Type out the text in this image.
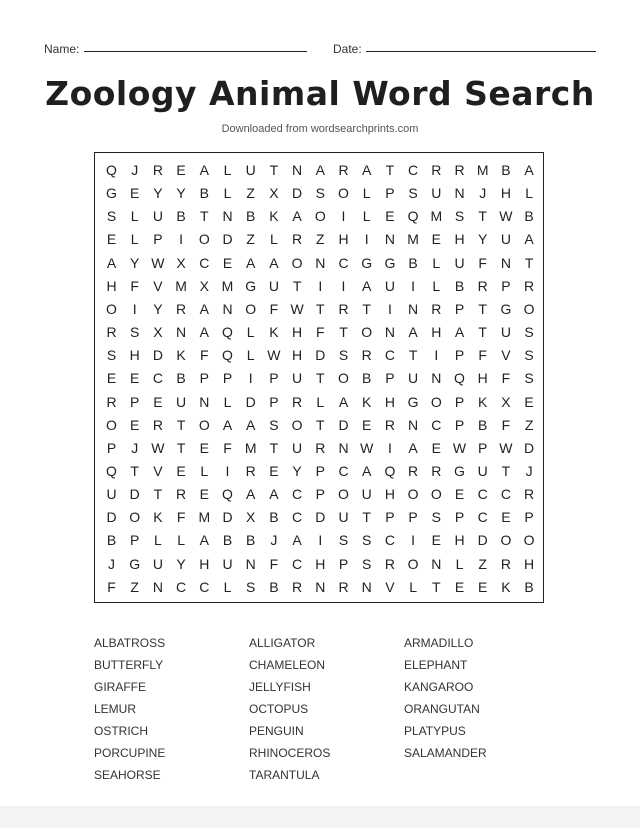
Name:	Date:
Zoology Animal Word Search
Downloaded from wordsearchprints.com
Q	J	R E A	L	U T N A R A	T C R R M B A
G E Y Y B	L	Z	X D S O L	P S U N	J	H	L
S	L	U B	T N B K A O	I	L	E Q M S	T W B
E	L	P	I	O D Z	L	R Z H	I	N M E H Y U A
A Y W X C E A A O N C G G B	L	U F N T
H F	V M X M G U T	I	I	A U	I	L	B R P R
O	I	Y R A N O F W T R T	I	N R P	T G O
R S X N A Q L	K H F	T O N A H A	T U S
S H D K	F Q L W H D S R C T	I	P	F	V S
E E C B P P	I	P U T O B P U N Q H F	S
R P E U N	L	D P R	L	A K H G O P K X E
O E R T O A A S O T D E R N C P B	F	Z
P	J W T	E	F M T U R N W	I	A E W P W D
Q T	V E	L	I	R E Y P C A Q R R G U T	J
U D T R E Q A A C P O U H O O E C C R
D O K	F M D X B C D U T	P P S P C E P
B P	L	L	A B B	J	A	I	S S C	I	E H D O O
J	G U Y H U N F C H P S R O N	L	Z R H
F	Z N C C	L	S B R N R N V	L	T	E E K B
ALBATROSS	ALLIGATOR	ARMADILLO
BUTTERFLY	CHAMELEON	ELEPHANT
GIRAFFE	JELLYFISH	KANGAROO
LEMUR	OCTOPUS	ORANGUTAN
OSTRICH	PENGUIN	PLATYPUS
PORCUPINE	RHINOCEROS	SALAMANDER
SEAHORSE	TARANTULA
